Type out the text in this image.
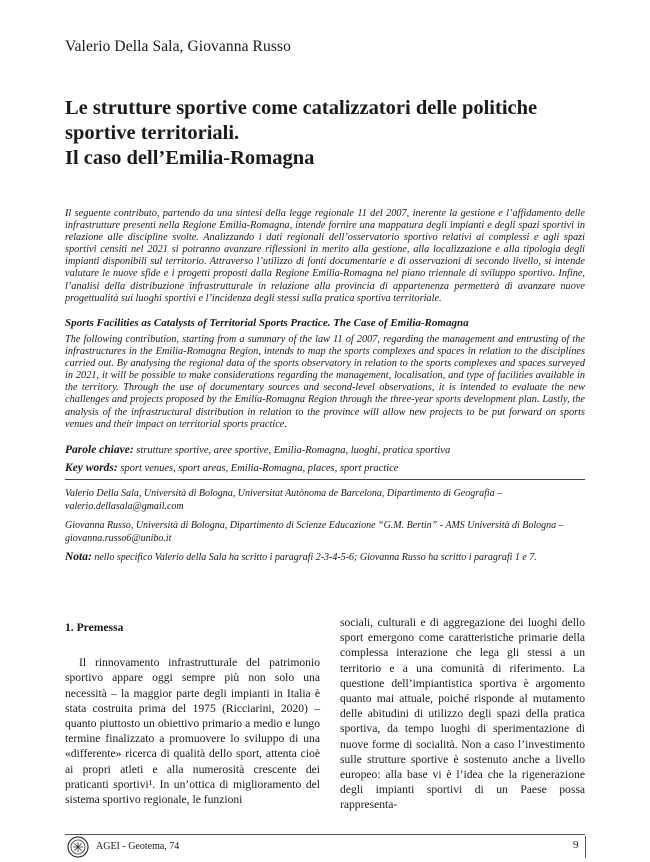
Valerio Della Sala, Giovanna Russo
Le strutture sportive come catalizzatori delle politiche
sportive territoriali.
Il caso dell’Emilia-Romagna
Il seguente contributo, partendo da una sintesi della legge regionale 11 del 2007, inerente la gestione e l’affidamento delle infrastrutture presenti nella Regione Emilia-Romagna, intende fornire una mappatura degli impianti e degli spazi sportivi in relazione alle discipline svolte. Analizzando i dati regionali dell’osservatorio sportivo relativi ai complessi e agli spazi sportivi censiti nel 2021 si potranno avanzare riflessioni in merito alla gestione, alla localizzazione e alla tipologia degli impianti disponibili sul territorio. Attraverso l’utilizzo di fonti documentarie e di osservazioni di secondo livello, si intende valutare le nuove sfide e i progetti proposti dalla Regione Emilia-Romagna nel piano triennale di sviluppo sportivo. Infine, l’analisi della distribuzione infrastrutturale in relazione alla provincia di appartenenza permetterà di avanzare nuove progettualità sui luoghi sportivi e l’incidenza degli stessi sulla pratica sportiva territoriale.
Sports Facilities as Catalysts of Territorial Sports Practice. The Case of Emilia-Romagna
The following contribution, starting from a summary of the law 11 of 2007, regarding the management and entrusting of the infrastructures in the Emilia-Romagna Region, intends to map the sports complexes and spaces in relation to the disciplines carried out. By analysing the regional data of the sports observatory in relation to the sports complexes and spaces surveyed in 2021, it will be possible to make considerations regarding the management, localisation, and type of facilities available in the territory. Through the use of documentary sources and second-level observations, it is intended to evaluate the new challenges and projects proposed by the Emilia-Romagna Region through the three-year sports development plan. Lastly, the analysis of the infrastructural distribution in relation to the province will allow new projects to be put forward on sports venues and their impact on territorial sports practice.
Parole chiave: strutture sportive, aree sportive, Emilia-Romagna, luoghi, pratica sportiva
Key words: sport venues, sport areas, Emilia-Romagna, places, sport practice

Valerio Della Sala, Università di Bologna, Universitat Autònoma de Barcelona, Dipartimento di Geografia – valerio.dellasala@gmail.com

Giovanna Russo, Università di Bologna, Dipartimento di Scienze Educazione “G.M. Bertin” - AMS Università di Bologna – giovanna.russo6@unibo.it

Nota: nello specifico Valerio della Sala ha scritto i paragrafi 2-3-4-5-6; Giovanna Russo ha scritto i paragrafi 1 e 7.

1. Premessa

Il rinnovamento infrastrutturale del patrimonio sportivo appare oggi sempre più non solo una necessità – la maggior parte degli impianti in Italia è stata costruita prima del 1975 (Ricciarini, 2020) – quanto piuttosto un obiettivo primario a medio e lungo termine finalizzato a promuovere lo sviluppo di una «differente» ricerca di qualità dello sport, attenta cioè ai propri atleti e alla numerosità crescente dei praticanti sportivi¹. In un’ottica di miglioramento del sistema sportivo regionale, le funzioni

sociali, culturali e di aggregazione dei luoghi dello sport emergono come caratteristiche primarie della complessa interazione che lega gli stessi a un territorio e a una comunità di riferimento. La questione dell’impiantistica sportiva è argomento quanto mai attuale, poiché risponde al mutamento delle abitudini di utilizzo degli spazi della pratica sportiva, da tempo luoghi di sperimentazione di nuove forme di socialità. Non a caso l’investimento sulle strutture sportive è sostenuto anche a livello europeo: alla base vi è l’idea che la rigenerazione degli impianti sportivi di un Paese possa rappresenta-

AGEI - Geotema, 74	9
